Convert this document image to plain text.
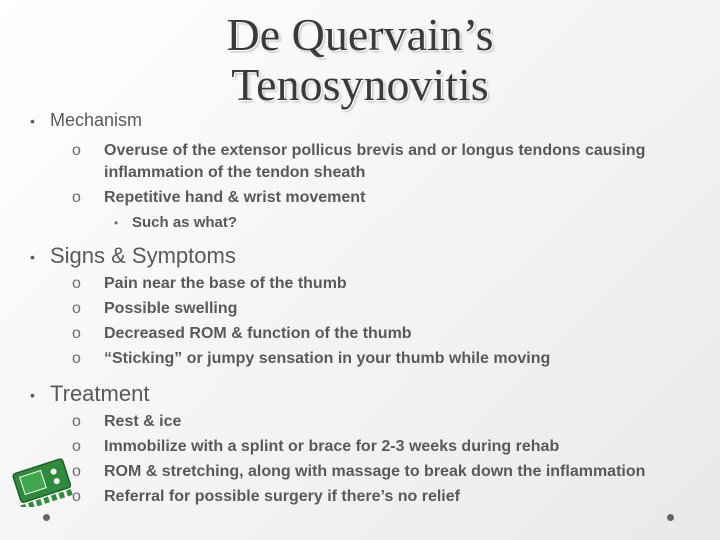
De Quervain’s
Tenosynovitis
• Mechanism
o Overuse of the extensor pollicus brevis and or longus tendons causing inflammation of the tendon sheath
o Repetitive hand & wrist movement
• Such as what?
• Signs & Symptoms
o Pain near the base of the thumb
o Possible swelling
o Decreased ROM & function of the thumb
o “Sticking” or jumpy sensation in your thumb while moving
• Treatment
o Rest & ice
o Immobilize with a splint or brace for 2-3 weeks during rehab
o ROM & stretching, along with massage to break down the inflammation
o Referral for possible surgery if there’s no relief
